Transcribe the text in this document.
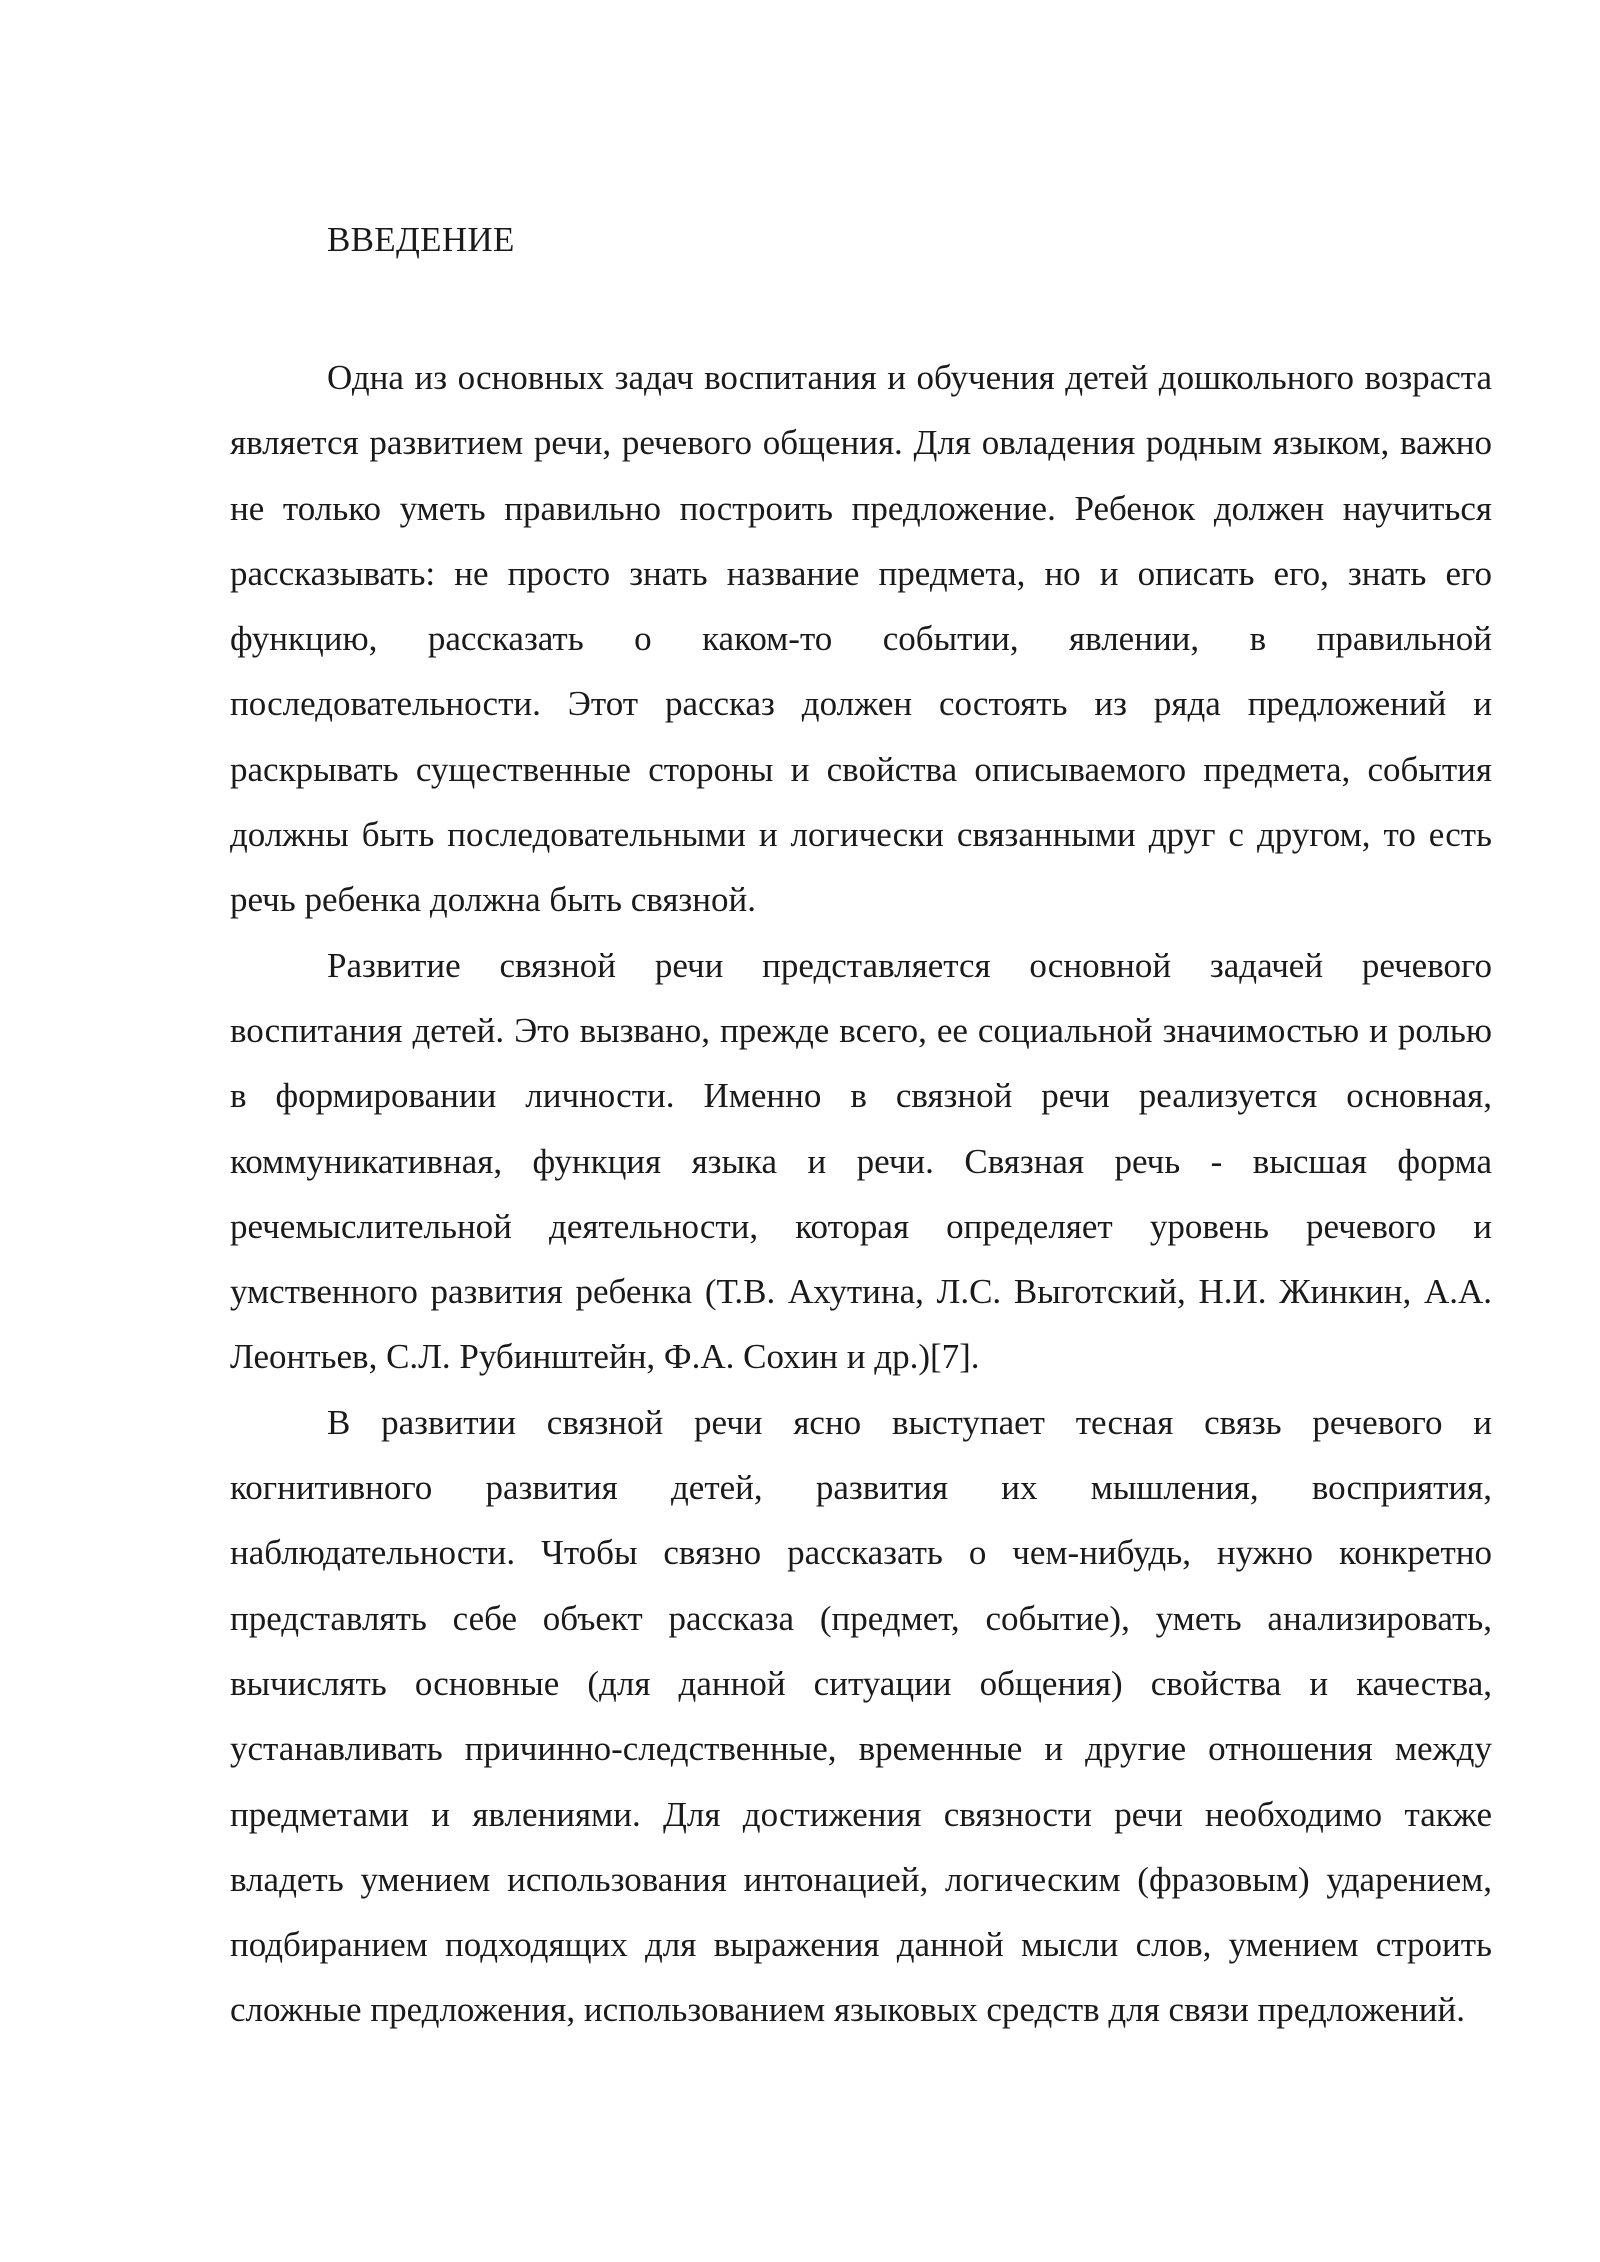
ВВЕДЕНИЕ

Одна из основных задач воспитания и обучения детей дошкольного возраста является развитием речи, речевого общения. Для овладения родным языком, важно не только уметь правильно построить предложение. Ребенок должен научиться рассказывать: не просто знать название предмета, но и описать его, знать его функцию, рассказать о каком-то событии, явлении, в правильной последовательности. Этот рассказ должен состоять из ряда предложений и раскрывать существенные стороны и свойства описываемого предмета, события должны быть последовательными и логически связанными друг с другом, то есть речь ребенка должна быть связной.

Развитие связной речи представляется основной задачей речевого воспитания детей. Это вызвано, прежде всего, ее социальной значимостью и ролью в формировании личности. Именно в связной речи реализуется основная, коммуникативная, функция языка и речи. Связная речь - высшая форма речемыслительной деятельности, которая определяет уровень речевого и умственного развития ребенка (Т.В. Ахутина, Л.С. Выготский, Н.И. Жинкин, А.А. Леонтьев, С.Л. Рубинштейн, Ф.А. Сохин и др.)[7].

В развитии связной речи ясно выступает тесная связь речевого и когнитивного развития детей, развития их мышления, восприятия, наблюдательности. Чтобы связно рассказать о чем-нибудь, нужно конкретно представлять себе объект рассказа (предмет, событие), уметь анализировать, вычислять основные (для данной ситуации общения) свойства и качества, устанавливать причинно-следственные, временные и другие отношения между предметами и явлениями. Для достижения связности речи необходимо также владеть умением использования интонацией, логическим (фразовым) ударением, подбиранием подходящих для выражения данной мысли слов, умением строить сложные предложения, использованием языковых средств для связи предложений.
